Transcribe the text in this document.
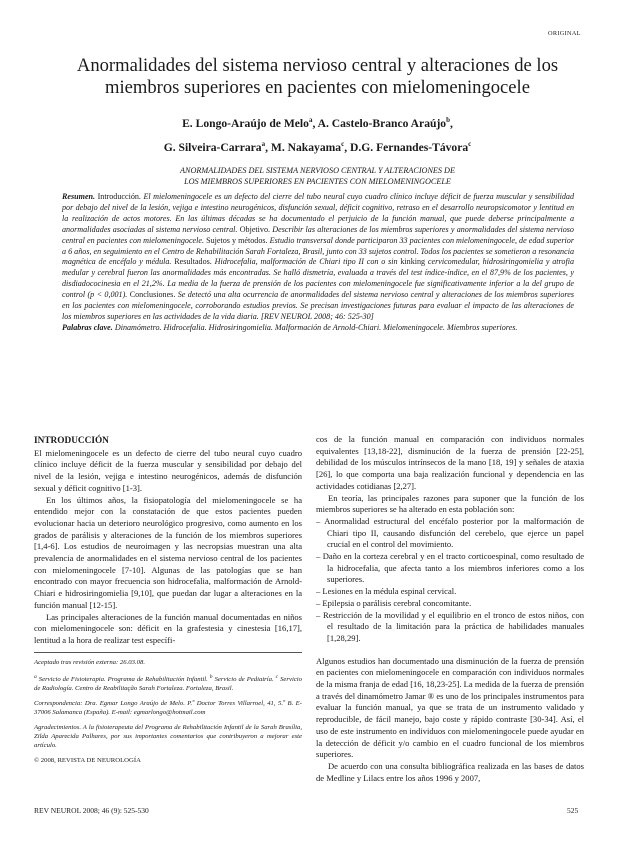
ORIGINAL
Anormalidades del sistema nervioso central y alteraciones de los miembros superiores en pacientes con mielomeningocele
E. Longo-Araújo de Melo$^a$, A. Castelo-Branco Araújo$^b$,
G. Silveira-Carrara$^a$, M. Nakayama$^c$, D.G. Fernandes-Távora$^c$
ANORMALIDADES DEL SISTEMA NERVIOSO CENTRAL Y ALTERACIONES DE
LOS MIEMBROS SUPERIORES EN PACIENTES CON MIELOMENINGOCELE
Resumen. Introducción. El mielomeningocele es un defecto del cierre del tubo neural cuyo cuadro clínico incluye déficit de fuerza muscular y sensibilidad por debajo del nivel de la lesión, vejiga e intestino neurogénicos, disfunción sexual, déficit cognitivo, retraso en el desarrollo neuropsicomotor y lentitud en la realización de actos motores. En las últimas décadas se ha documentado el perjuicio de la función manual, que puede deberse principalmente a anormalidades asociadas al sistema nervioso central. Objetivo. Describir las alteraciones de los miembros superiores y anormalidades del sistema nervioso central en pacientes con mielomeningocele. Sujetos y métodos. Estudio transversal donde participaron 33 pacientes con mielomeningocele, de edad superior a 6 años, en seguimiento en el Centro de Rehabilitación Sarah Fortaleza, Brasil, junto con 33 sujetos control. Todos los pacientes se sometieron a resonancia magnética de encéfalo y médula. Resultados. Hidrocefalia, malformación de Chiari tipo II con o sin kinking cervicomedular, hidrosiringomielia y atrofia medular y cerebral fueron las anormalidades más encontradas. Se halló dismetría, evaluada a través del test índice-índice, en el 87,9% de los pacientes, y disdiadococinesia en el 21,2%. La media de la fuerza de prensión de los pacientes con mielomeningocele fue significativamente inferior a la del grupo de control (p < 0,001). Conclusiones. Se detectó una alta ocurrencia de anormalidades del sistema nervioso central y alteraciones de los miembros superiores en los pacientes con mielomeningocele, corroborando estudios previos. Se precisan investigaciones futuras para evaluar el impacto de las alteraciones de los miembros superiores en las actividades de la vida diaria. [REV NEUROL 2008; 46: 525-30]
Palabras clave. Dinamómetro. Hidrocefalia. Hidrosiringomielia. Malformación de Arnold-Chiari. Mielomeningocele. Miembros superiores.

INTRODUCCIÓN

El mielomeningocele es un defecto de cierre del tubo neural cuyo cuadro clínico incluye déficit de la fuerza muscular y sensibilidad por debajo del nivel de la lesión, vejiga e intestino neurogénicos, además de disfunción sexual y déficit cognitivo [1-3].

En los últimos años, la fisiopatología del mielomeningocele se ha entendido mejor con la constatación de que estos pacientes pueden evolucionar hacia un deterioro neurológico progresivo, como aumento en los grados de parálisis y alteraciones de la función de los miembros superiores [1,4-6]. Los estudios de neuroimagen y las necropsias muestran una alta prevalencia de anormalidades en el sistema nervioso central de los pacientes con mielomeningocele [7-10]. Algunas de las patologías que se han encontrado con mayor frecuencia son hidrocefalia, malformación de Arnold-Chiari e hidrosiringomielia [9,10], que puedan dar lugar a alteraciones en la función manual [12-15].

Las principales alteraciones de la función manual documentadas en niños con mielomeningocele son: déficit en la grafestesia y cinestesia [16,17], lentitud a la hora de realizar test específi-

Aceptado tras revisión externa: 26.03.08.

$^a$ Servicio de Fisioterapia. Programa de Rehabilitación Infantil. $^b$ Servicio de Pediatría. $^c$ Servicio de Radiología. Centro de Reabilitação Sarah Fortaleza. Fortaleza, Brasil.

Correspondencia: Dra. Egmar Longo Araújo de Melo. P.º Doctor Torres Villarroel, 41, 5.º B. E-37006 Salamanca (España). E-mail: egmarlongo@hotmail.com

Agradecimientos. A la fisioterapeuta del Programa de Rehabilitación Infantil de la Sarah Brasília, Zilda Aparecida Palhares, por sus importantes comentarios que contribuyeron a mejorar este artículo.

© 2008, REVISTA DE NEUROLOGÍA

cos de la función manual en comparación con individuos normales equivalentes [13,18-22], disminución de la fuerza de prensión [22-25], debilidad de los músculos intrínsecos de la mano [18, 19] y señales de ataxia [26], lo que comporta una baja realización funcional y dependencia en las actividades cotidianas [2,27].

En teoría, las principales razones para suponer que la función de los miembros superiores se ha alterado en esta población son:

– Anormalidad estructural del encéfalo posterior por la malformación de Chiari tipo II, causando disfunción del cerebelo, que ejerce un papel crucial en el control del movimiento.

– Daño en la corteza cerebral y en el tracto corticoespinal, como resultado de la hidrocefalia, que afecta tanto a los miembros inferiores como a los superiores.

– Lesiones en la médula espinal cervical.

– Epilepsia o parálisis cerebral concomitante.

– Restricción de la movilidad y el equilibrio en el tronco de estos niños, con el resultado de la limitación para la práctica de habilidades manuales [1,28,29].

Algunos estudios han documentado una disminución de la fuerza de prensión en pacientes con mielomeningocele en comparación con individuos normales de la misma franja de edad [16, 18,23-25]. La medida de la fuerza de prensión a través del dinamómetro Jamar ® es uno de los principales instrumentos para evaluar la función manual, ya que se trata de un instrumento validado y reproducible, de fácil manejo, bajo coste y rápido contraste [30-34]. Así, el uso de este instrumento en individuos con mielomeningocele puede ayudar en la detección de déficit y/o cambio en el cuadro funcional de los miembros superiores.

De acuerdo con una consulta bibliográfica realizada en las bases de datos de Medline y Lilacs entre los años 1996 y 2007,

REV NEUROL 2008; 46 (9): 525-530	525
